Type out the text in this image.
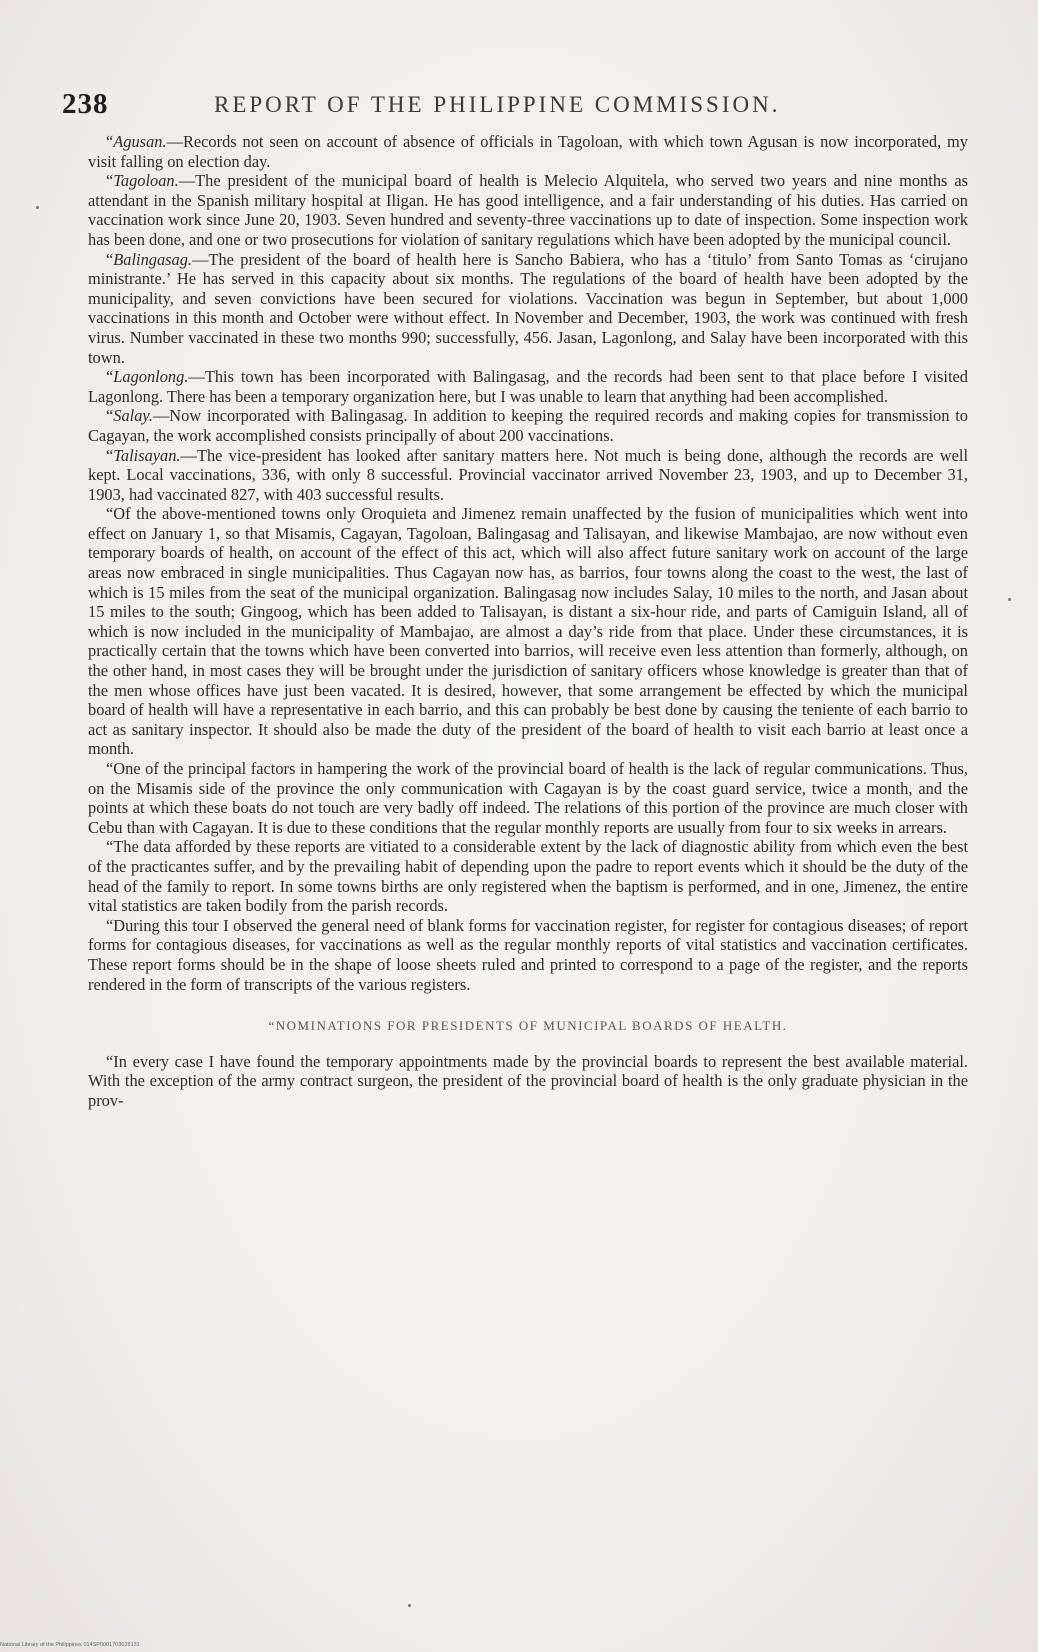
238	REPORT OF THE PHILIPPINE COMMISSION.

“Agusan.—Records not seen on account of absence of officials in Tagoloan, with which town Agusan is now incorporated, my visit falling on election day.

“Tagoloan.—The president of the municipal board of health is Melecio Alquitela, who served two years and nine months as attendant in the Spanish military hospital at Iligan. He has good intelligence, and a fair understanding of his duties. Has carried on vaccination work since June 20, 1903. Seven hundred and seventy-three vaccinations up to date of inspection. Some inspection work has been done, and one or two prosecutions for violation of sanitary regulations which have been adopted by the municipal council.

“Balingasag.—The president of the board of health here is Sancho Babiera, who has a ‘titulo’ from Santo Tomas as ‘cirujano ministrante.’ He has served in this capacity about six months. The regulations of the board of health have been adopted by the municipality, and seven convictions have been secured for violations. Vaccination was begun in September, but about 1,000 vaccinations in this month and October were without effect. In November and December, 1903, the work was continued with fresh virus. Number vaccinated in these two months 990; successfully, 456. Jasan, Lagonlong, and Salay have been incorporated with this town.

“Lagonlong.—This town has been incorporated with Balingasag, and the records had been sent to that place before I visited Lagonlong. There has been a temporary organization here, but I was unable to learn that anything had been accomplished.

“Salay.—Now incorporated with Balingasag. In addition to keeping the required records and making copies for transmission to Cagayan, the work accomplished consists principally of about 200 vaccinations.

“Talisayan.—The vice-president has looked after sanitary matters here. Not much is being done, although the records are well kept. Local vaccinations, 336, with only 8 successful. Provincial vaccinator arrived November 23, 1903, and up to December 31, 1903, had vaccinated 827, with 403 successful results.

“Of the above-mentioned towns only Oroquieta and Jimenez remain unaffected by the fusion of municipalities which went into effect on January 1, so that Misamis, Cagayan, Tagoloan, Balingasag and Talisayan, and likewise Mambajao, are now without even temporary boards of health, on account of the effect of this act, which will also affect future sanitary work on account of the large areas now embraced in single municipalities. Thus Cagayan now has, as barrios, four towns along the coast to the west, the last of which is 15 miles from the seat of the municipal organization. Balingasag now includes Salay, 10 miles to the north, and Jasan about 15 miles to the south; Gingoog, which has been added to Talisayan, is distant a six-hour ride, and parts of Camiguin Island, all of which is now included in the municipality of Mambajao, are almost a day’s ride from that place. Under these circumstances, it is practically certain that the towns which have been converted into barrios, will receive even less attention than formerly, although, on the other hand, in most cases they will be brought under the jurisdiction of sanitary officers whose knowledge is greater than that of the men whose offices have just been vacated. It is desired, however, that some arrangement be effected by which the municipal board of health will have a representative in each barrio, and this can probably be best done by causing the teniente of each barrio to act as sanitary inspector. It should also be made the duty of the president of the board of health to visit each barrio at least once a month.

“One of the principal factors in hampering the work of the provincial board of health is the lack of regular communications. Thus, on the Misamis side of the province the only communication with Cagayan is by the coast guard service, twice a month, and the points at which these boats do not touch are very badly off indeed. The relations of this portion of the province are much closer with Cebu than with Cagayan. It is due to these conditions that the regular monthly reports are usually from four to six weeks in arrears.

“The data afforded by these reports are vitiated to a considerable extent by the lack of diagnostic ability from which even the best of the practicantes suffer, and by the prevailing habit of depending upon the padre to report events which it should be the duty of the head of the family to report. In some towns births are only registered when the baptism is performed, and in one, Jimenez, the entire vital statistics are taken bodily from the parish records.

“During this tour I observed the general need of blank forms for vaccination register, for register for contagious diseases; of report forms for contagious diseases, for vaccinations as well as the regular monthly reports of vital statistics and vaccination certificates. These report forms should be in the shape of loose sheets ruled and printed to correspond to a page of the register, and the reports rendered in the form of transcripts of the various registers.

“NOMINATIONS FOR PRESIDENTS OF MUNICIPAL BOARDS OF HEALTH.

“In every case I have found the temporary appointments made by the provincial boards to represent the best available material. With the exception of the army contract surgeon, the president of the provincial board of health is the only graduate physician in the prov-

National Library of the Philippines 014SP0001703028131
